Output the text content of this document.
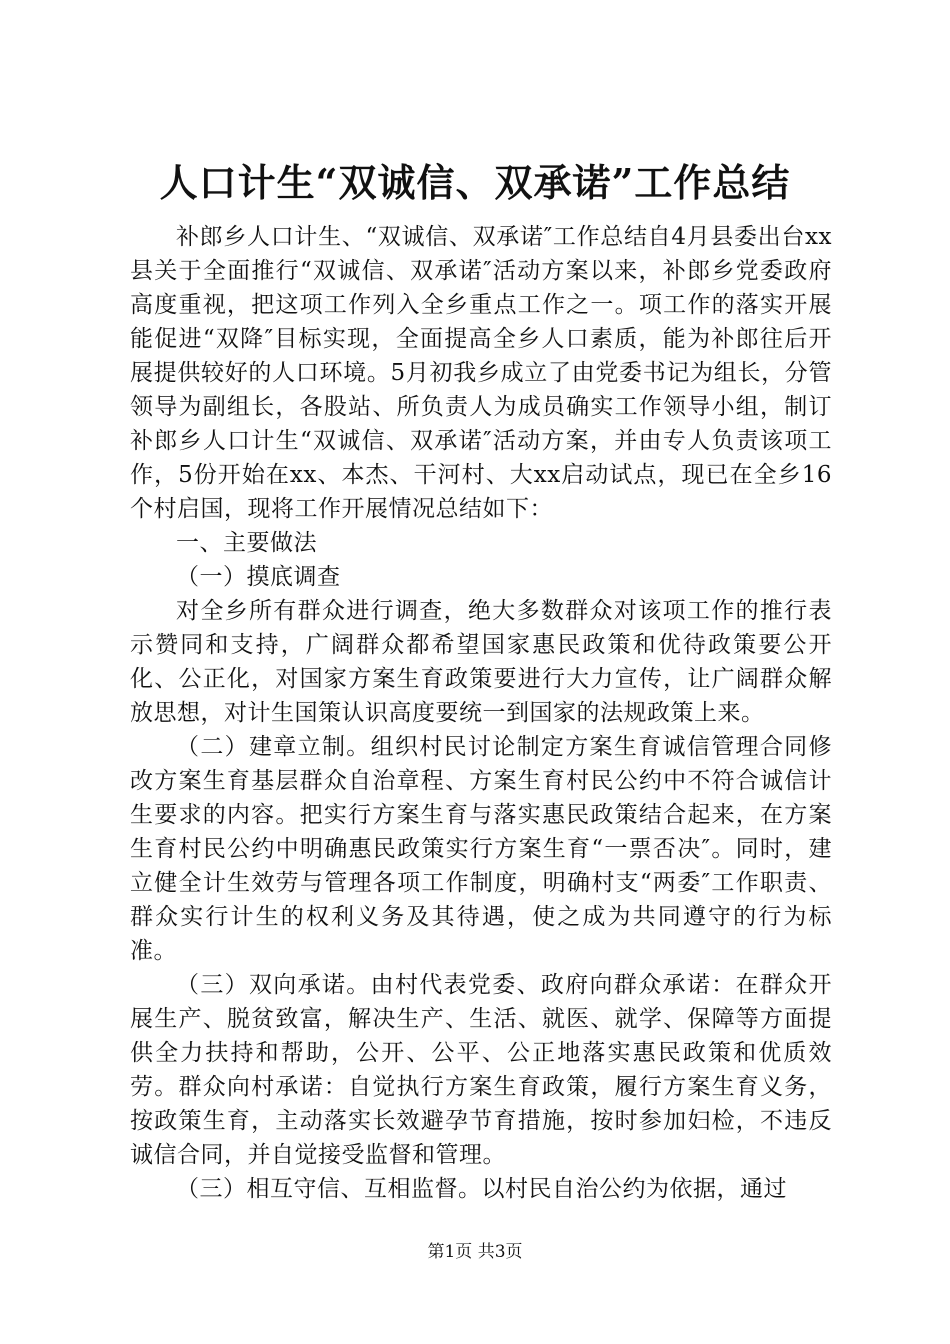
人口计生“双诚信、双承诺”工作总结

补郎乡人口计生、“双诚信、双承诺″工作总结自4月县委出台xx县关于全面推行“双诚信、双承诺″活动方案以来，补郎乡党委政府高度重视，把这项工作列入全乡重点工作之一。项工作的落实开展能促进“双降″目标实现，全面提高全乡人口素质，能为补郎往后开展提供较好的人口环境。5月初我乡成立了由党委书记为组长，分管领导为副组长，各股站、所负责人为成员确实工作领导小组，制订补郎乡人口计生“双诚信、双承诺″活动方案，并由专人负责该项工作，5份开始在xx、本杰、干河村、大xx启动试点，现已在全乡16个村启国，现将工作开展情况总结如下：

一、主要做法

（一）摸底调查

对全乡所有群众进行调查，绝大多数群众对该项工作的推行表示赞同和支持，广阔群众都希望国家惠民政策和优待政策要公开化、公正化，对国家方案生育政策要进行大力宣传，让广阔群众解放思想，对计生国策认识高度要统一到国家的法规政策上来。

（二）建章立制。组织村民讨论制定方案生育诚信管理合同修改方案生育基层群众自治章程、方案生育村民公约中不符合诚信计生要求的内容。把实行方案生育与落实惠民政策结合起来，在方案生育村民公约中明确惠民政策实行方案生育“一票否决″。同时，建立健全计生效劳与管理各项工作制度，明确村支“两委″工作职责、群众实行计生的权利义务及其待遇，使之成为共同遵守的行为标准。

（三）双向承诺。由村代表党委、政府向群众承诺：在群众开展生产、脱贫致富，解决生产、生活、就医、就学、保障等方面提供全力扶持和帮助，公开、公平、公正地落实惠民政策和优质效劳。群众向村承诺：自觉执行方案生育政策，履行方案生育义务，按政策生育，主动落实长效避孕节育措施，按时参加妇检，不违反诚信合同，并自觉接受监督和管理。

（三）相互守信、互相监督。以村民自治公约为依据，通过

第1页 共3页
